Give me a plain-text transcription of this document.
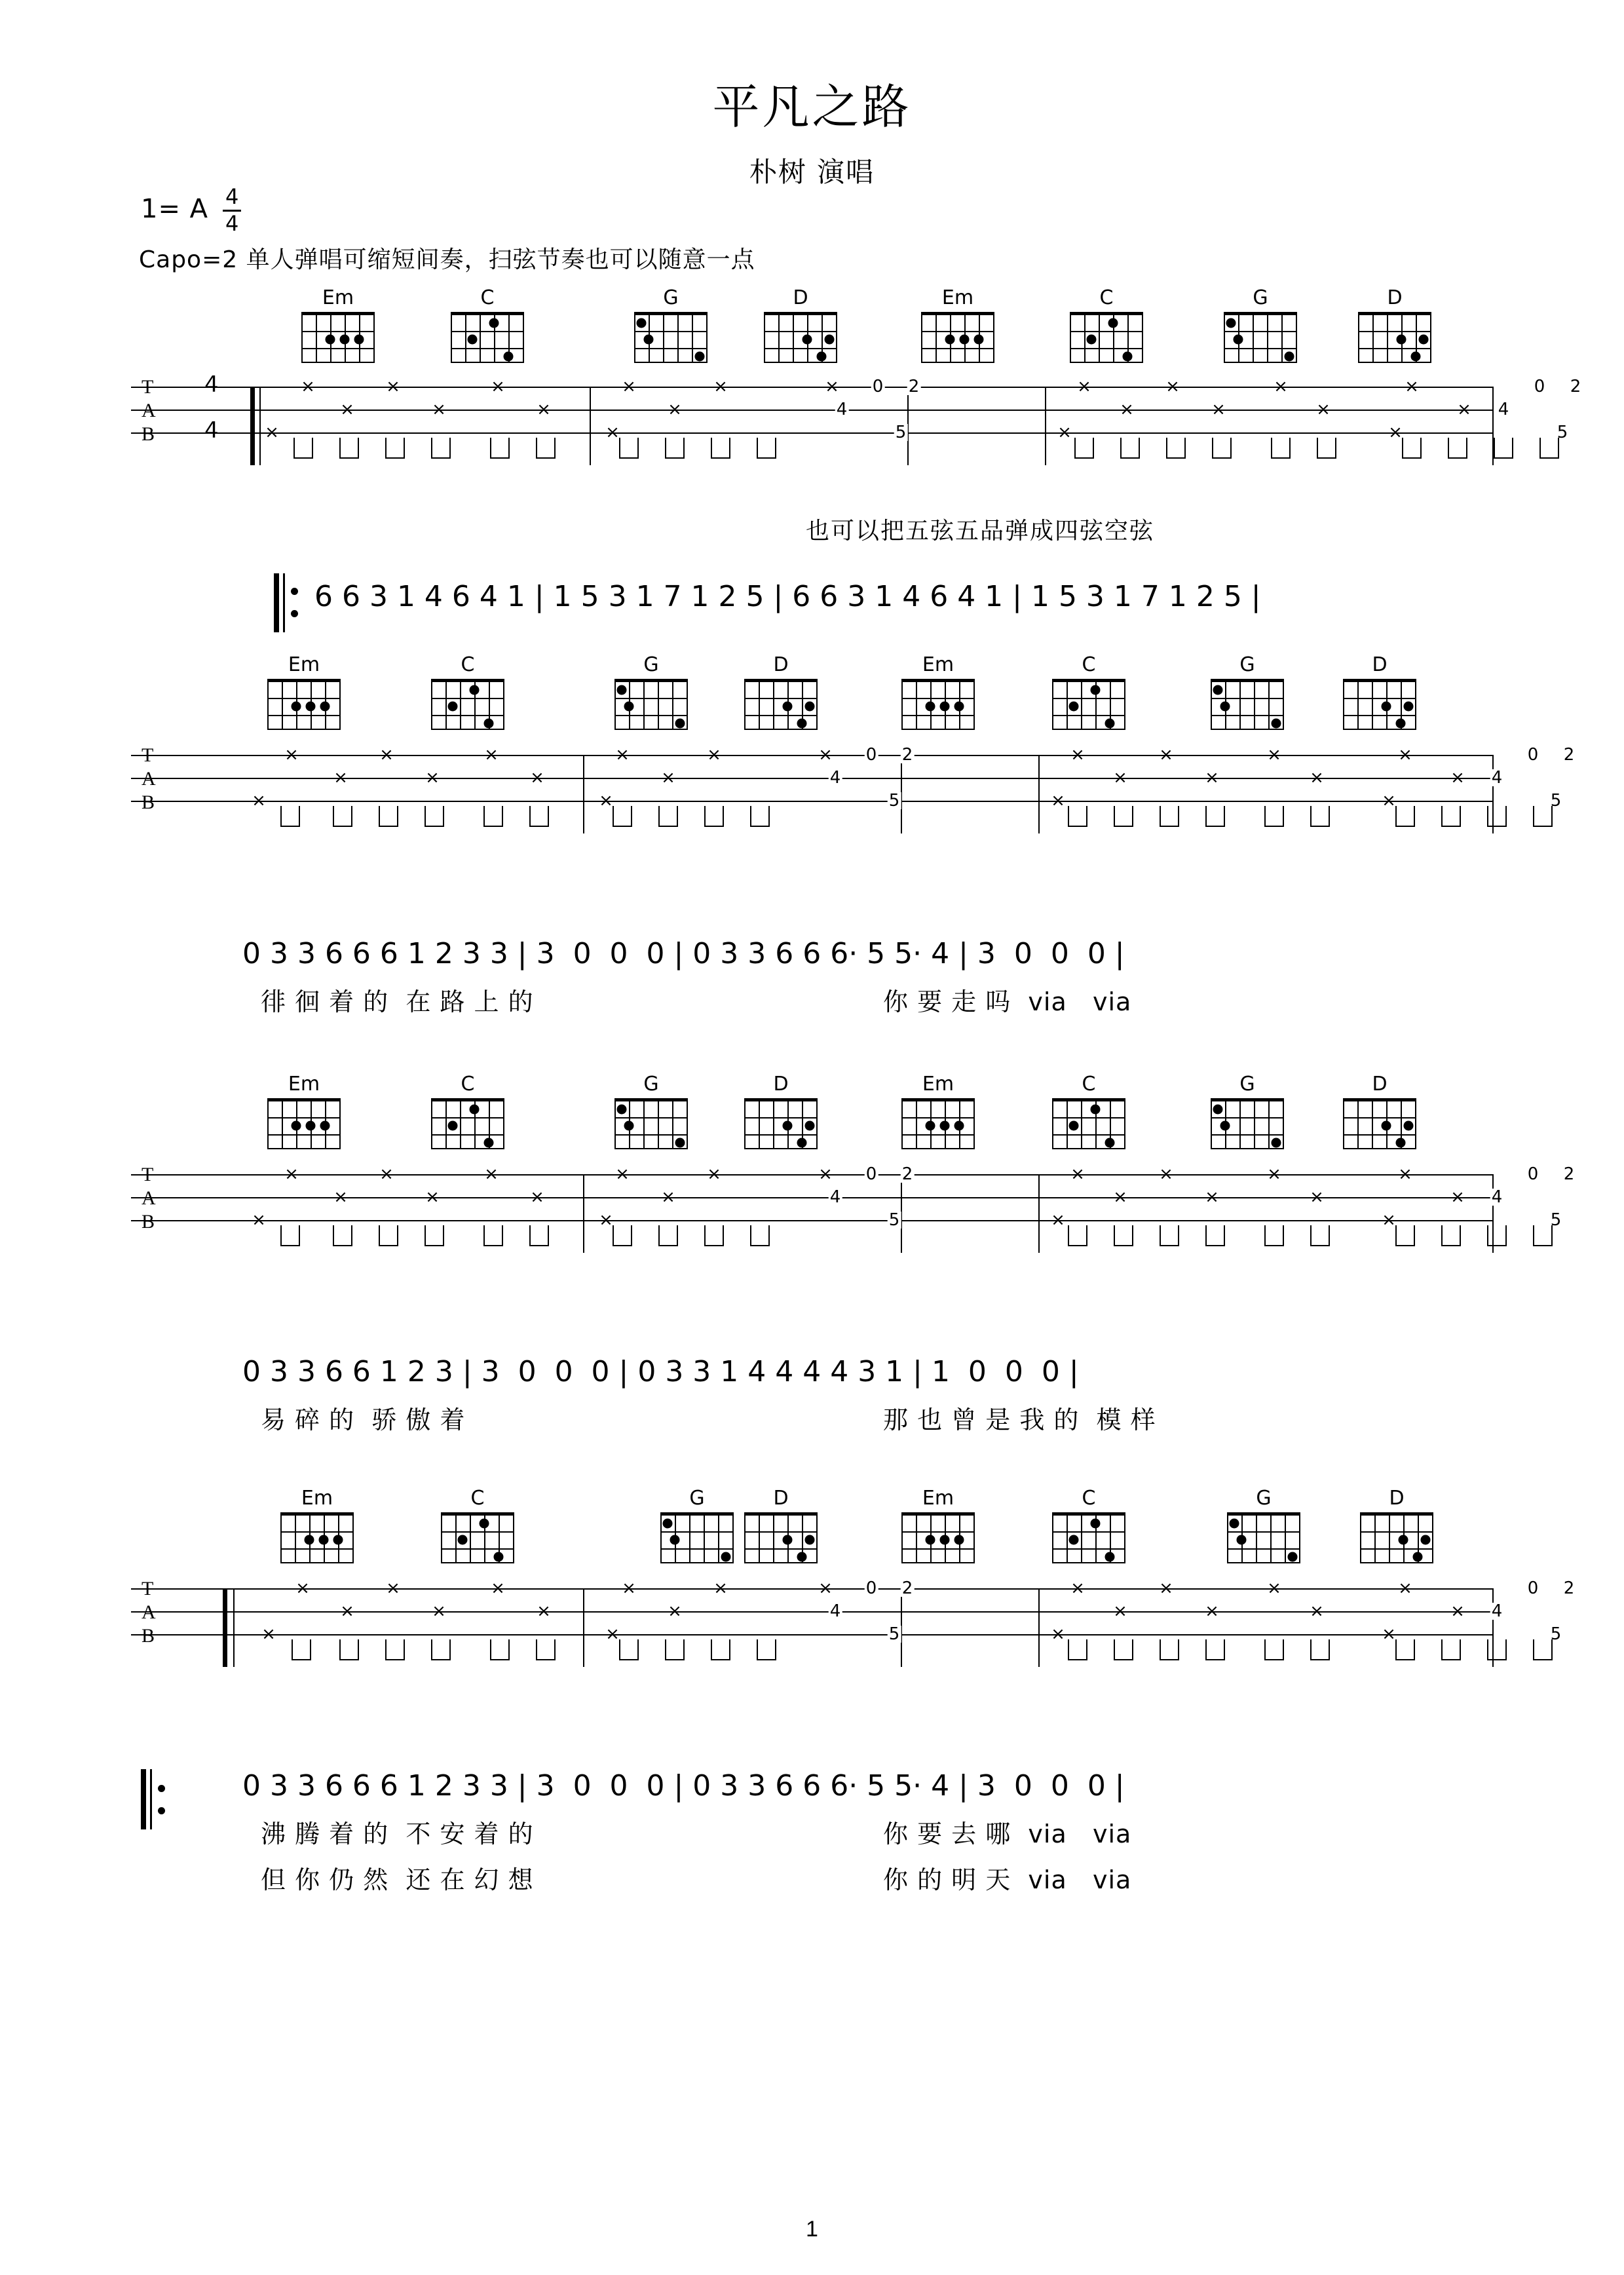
平凡之路
朴树 演唱
1= A $\frac{4}{4}$
Capo=2 单人弹唱可缩短间奏，扫弦节奏也可以随意一点
Em	C	G	D	Em	C	G	D
T
A
B
4
4
×	×	×
×	×	×
×
×	×	×
×
×
×	×	×
×	×	×
×
×
×
×
4
0 2
5
4
0 2
5
也可以把五弦五品弹成四弦空弦
6 6 3 1 4 6 4 1 | 1 5 3 1 7 1 2 5 | 6 6 3 1 4 6 4 1 | 1 5 3 1 7 1 2 5 |
Em	C	G	D	Em	C	G	D
T
A
B
×	×	×
×	×	×
×
×	×	×
×
×
×	×	×
×	×	×
×
×
×
×
4
0 2
5
4
0 2
5
0 3 3 6 6 6 1 2 3 3 | 3  0  0  0 | 0 3 3 6 6 6· 5 5· 4 | 3  0  0  0 |
徘 徊 着 的  在 路 上 的	你 要 走 吗  via   via
Em	C	G	D	Em	C	G	D
T
A
B
×	×	×
×	×	×
×
×	×	×
×
×
×	×	×
×	×	×
×
×
×
×
4
0 2
5
4
0 2
5
0 3 3 6 6 1 2 3 | 3  0  0  0 | 0 3 3 1 4 4 4 4 3 1 | 1  0  0  0 |
易 碎 的  骄 傲 着	那 也 曾 是 我 的  模 样
Em	C	G	D	Em	C	G	D
T
A
B
×	×	×
×	×	×
×
×	×	×
×
×
×	×	×
×	×	×
×
×
×
×
4
0 2
5
4
0 2
5
0 3 3 6 6 6 1 2 3 3 | 3  0  0  0 | 0 3 3 6 6 6· 5 5· 4 | 3  0  0  0 |
沸 腾 着 的  不 安 着 的	你 要 去 哪  via   via
但 你 仍 然  还 在 幻 想	你 的 明 天  via   via
1
